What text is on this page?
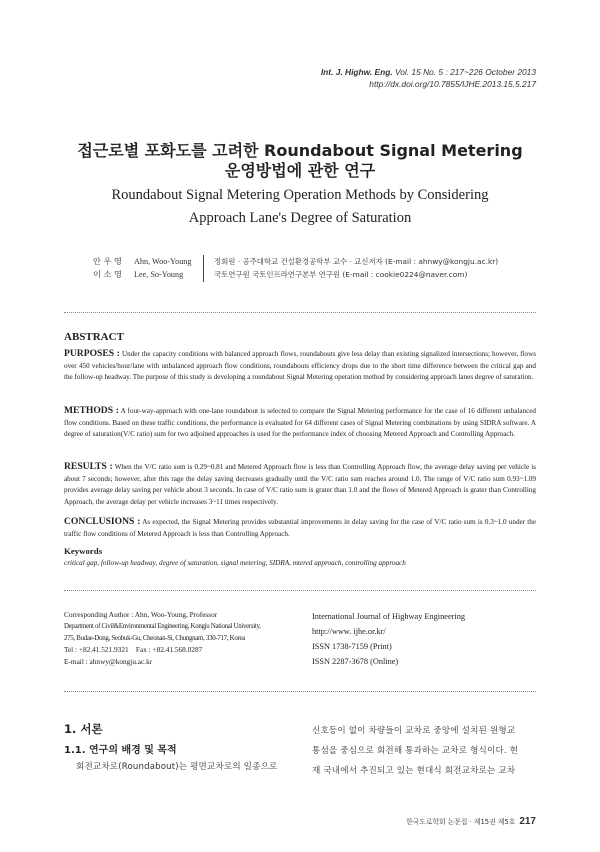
Int. J. Highw. Eng. Vol. 15 No. 5 : 217~226 October 2013
http://dx.doi.org/10.7855/IJHE.2013.15.5.217
접근로별 포화도를 고려한 Roundabout Signal Metering
운영방법에 관한 연구
Roundabout Signal Metering Operation Methods by Considering
Approach Lane's Degree of Saturation
안 우 영
이 소 영
Ahn, Woo-Young
Lee, So-Young
정회원 · 공주대학교 건설환경공학부 교수 · 교신저자 (E-mail : ahnwy@kongju.ac.kr)
국토연구원 국토인프라연구본부 연구원 (E-mail : cookie0224@naver.com)
ABSTRACT
PURPOSES : Under the capacity conditions with balanced approach flows, roundabouts give less delay than existing signalized intersections; however, flows over 450 vehicles/hour/lane with unbalanced approach flow conditions, roundabouts efficiency drops due to the short time difference between the critical gap and the follow-up headway. The purpose of this study is developing a roundabout Signal Metering operation method by considering approach lanes degree of saturation.
METHODS : A four-way-approach with one-lane roundabout is selected to compare the Signal Metering performance for the case of 16 different unbalanced flow conditions. Based on these traffic conditions, the performance is evaluated for 64 different cases of Signal Metering combinations by using SIDRA software. A degree of saturation(V/C ratio) sum for two adjoined approaches is used for the performance index of choosing Metered Approach and Controlling Approach.
RESULTS : When the V/C ratio sum is 0.29~0.81 and Metered Approach flow is less than Controlling Approach flow, the average delay saving per vehicle is about 7 seconds; however, after this rage the delay saving decreases gradually until the V/C ratio sum reaches around 1.0. The range of V/C ratio sum 0.93~1.09 provides average delay saving per vehicle about 3 seconds. In case of V/C ratio sum is grater than 1.0 and the flows of Metered Approach is grater than Controlling Approach, the average delay per vehicle increases 3~11 times respectively.
CONCLUSIONS : As expected, the Signal Metering provides substantial improvements in delay saving for the case of V/C ratio sum is 0.3~1.0 under the traffic flow conditions of Metered Approach is less than Controlling Approach.
Keywords
critical gap, follow-up headway, degree of saturation, signal metering, SIDRA, mtered approach, controlling approach
Corresponding Author : Ahn, Woo-Young, Professor
Department of Civil&Environmental Engineering, Kongju National University,
275, Budae-Dong, Seobuk-Gu, Cheonan-Si, Chungnam, 330-717, Korea
Tel : +82.41.521.9321    Fax : +82.41.568.0287
E-mail : ahnwy@kongju.ac.kr
International Journal of Highway Engineering
http://www. ijhe.or.kr/
ISSN 1738-7159 (Print)
ISSN 2287-3678 (Online)
1. 서론
1.1. 연구의 배경 및 목적
회전교차로(Roundabout)는 평면교차로의 일종으로
신호등이 없이 차량들이 교차로 중앙에 설치된 원형교
통섬을 중심으로 회전해 통과하는 교차로 형식이다. 현
재 국내에서 추진되고 있는 현대식 회전교차로는 교차
한국도로학회 논문집 · 제15권 제5호 217
